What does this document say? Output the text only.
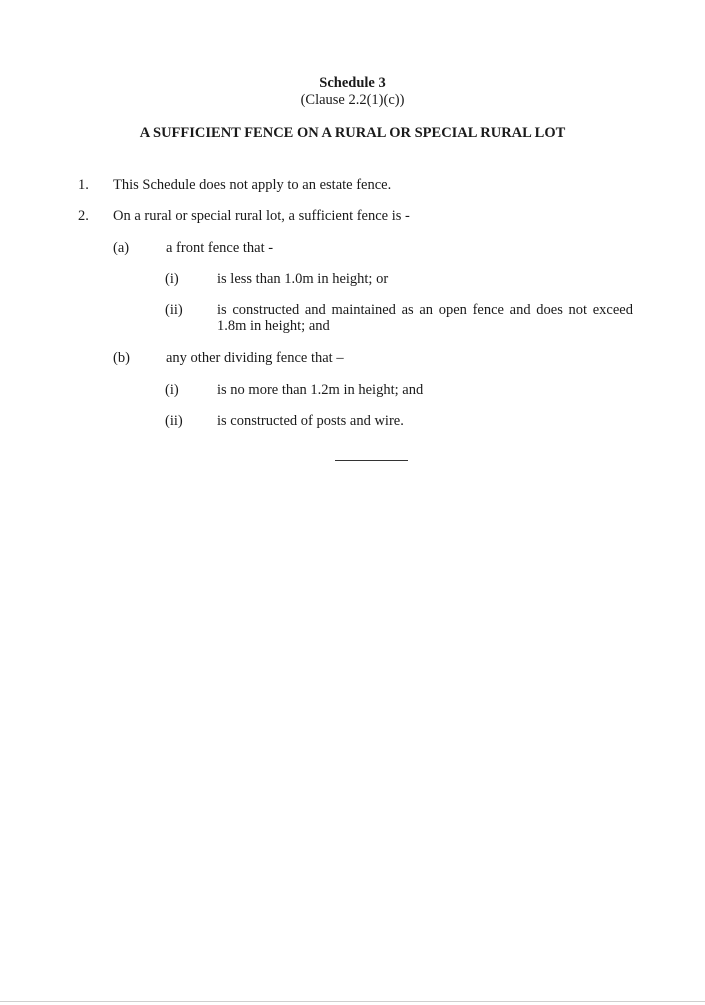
Schedule 3
(Clause 2.2(1)(c))
A SUFFICIENT FENCE ON A RURAL OR SPECIAL RURAL LOT
1.	This Schedule does not apply to an estate fence.
2.	On a rural or special rural lot, a sufficient fence is -
(a)	a front fence that -
(i)	is less than 1.0m in height; or
(ii)	is constructed and maintained as an open fence and does not exceed 1.8m in height; and
(b)	any other dividing fence that –
(i)	is no more than 1.2m in height; and
(ii)	is constructed of posts and wire.
